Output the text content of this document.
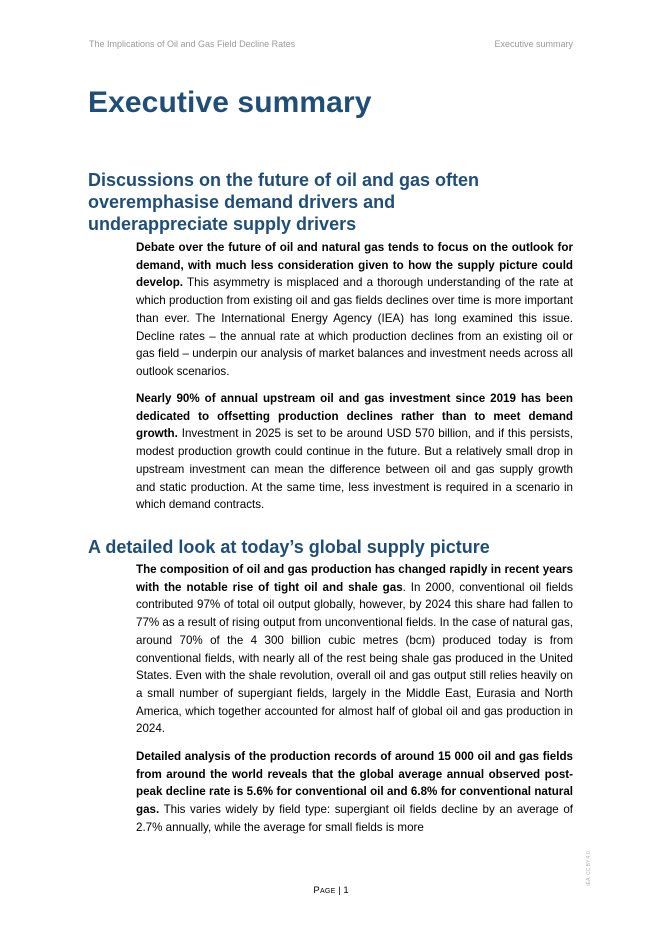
The Implications of Oil and Gas Field Decline Rates	Executive summary
Executive summary
Discussions on the future of oil and gas often overemphasise demand drivers and underappreciate supply drivers

Debate over the future of oil and natural gas tends to focus on the outlook for demand, with much less consideration given to how the supply picture could develop. This asymmetry is misplaced and a thorough understanding of the rate at which production from existing oil and gas fields declines over time is more important than ever. The International Energy Agency (IEA) has long examined this issue. Decline rates – the annual rate at which production declines from an existing oil or gas field – underpin our analysis of market balances and investment needs across all outlook scenarios.

Nearly 90% of annual upstream oil and gas investment since 2019 has been dedicated to offsetting production declines rather than to meet demand growth. Investment in 2025 is set to be around USD 570 billion, and if this persists, modest production growth could continue in the future. But a relatively small drop in upstream investment can mean the difference between oil and gas supply growth and static production. At the same time, less investment is required in a scenario in which demand contracts.

A detailed look at today’s global supply picture

The composition of oil and gas production has changed rapidly in recent years with the notable rise of tight oil and shale gas. In 2000, conventional oil fields contributed 97% of total oil output globally, however, by 2024 this share had fallen to 77% as a result of rising output from unconventional fields. In the case of natural gas, around 70% of the 4 300 billion cubic metres (bcm) produced today is from conventional fields, with nearly all of the rest being shale gas produced in the United States. Even with the shale revolution, overall oil and gas output still relies heavily on a small number of supergiant fields, largely in the Middle East, Eurasia and North America, which together accounted for almost half of global oil and gas production in 2024.

Detailed analysis of the production records of around 15 000 oil and gas fields from around the world reveals that the global average annual observed post-peak decline rate is 5.6% for conventional oil and 6.8% for conventional natural gas. This varies widely by field type: supergiant oil fields decline by an average of 2.7% annually, while the average for small fields is more

IEA. CC BY 4.0.
Page | 1
